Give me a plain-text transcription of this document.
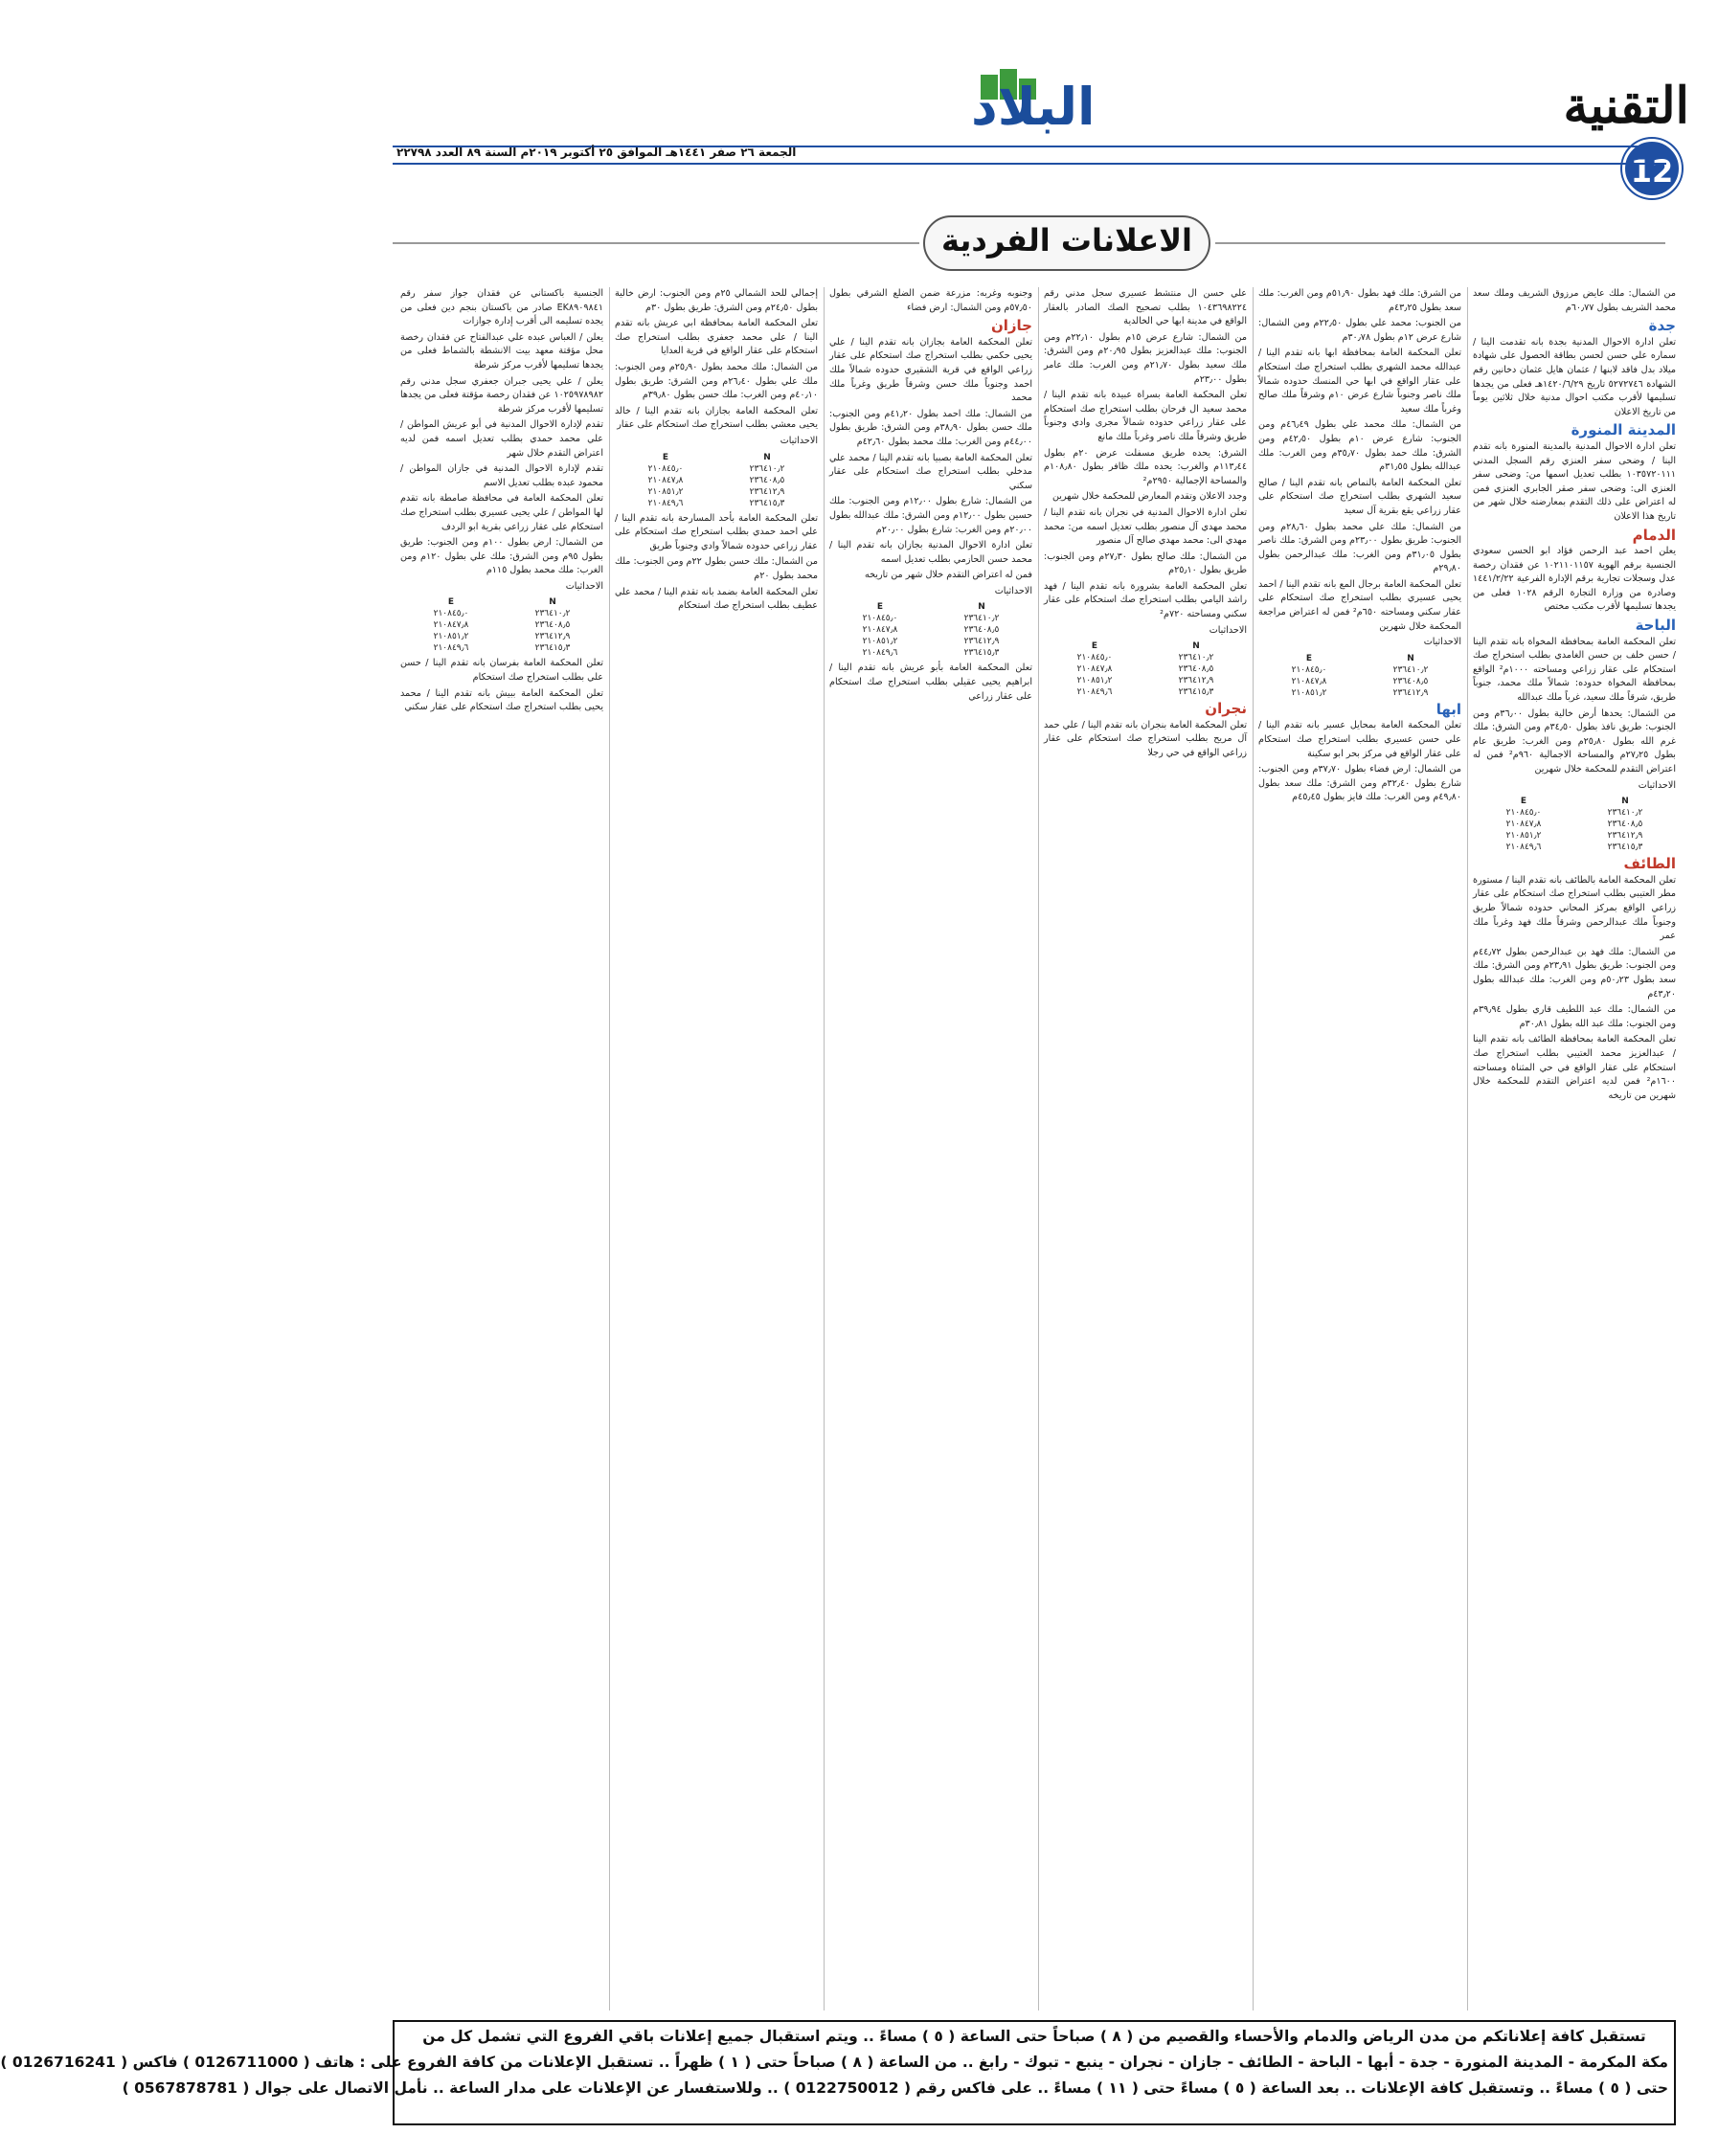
التقنية
12
البلاد
الجمعة ٢٦ صفر ١٤٤١هـ الموافق ٢٥ أكتوبر ٢٠١٩م السنة ٨٩ العدد ٢٢٧٩٨
الاعلانات الفردية

من الشمال: ملك عايض مرزوق الشريف وملك سعد محمد الشريف بطول ٦٠٫٧٧م

جدة

تعلن ادارة الاحوال المدنية بجدة بانه تقدمت الينا / سماره علي حسن لحسن بطاقة الحصول على شهادة ميلاد بدل فاقد لابنها / عثمان هايل عثمان دخانين رقم الشهادة ٥٢٧٢٧٤٦ تاريخ ١٤٢٠/٦/٢٩هـ فعلى من يجدها تسليمها لأقرب مكتب احوال مدنية خلال ثلاثين يوماً من تاريخ الاعلان

المدينة المنورة

تعلن ادارة الاحوال المدنية بالمدينة المنورة بانه تقدم الينا / وضحى سفر العنزي رقم السجل المدني ١٠٣٥٧٢٠١١١ بطلب تعديل اسمها من: وضحى سفر العنزي الى: وضحى سفر صقر الجابري العنزي فمن له اعتراض على ذلك التقدم بمعارضته خلال شهر من تاريخ هذا الاعلان

الدمام

يعلن احمد عبد الرحمن فؤاد ابو الحسن سعودي الجنسية برقم الهوية ١٠٢١١٠١١٥٧ عن فقدان رخصة عدل وسجلات تجارية برقم الإدارة الفرعية ١٤٤١/٢/٢٢ وصادرة من وزارة التجارة الرقم ١٠٢٨ فعلى من يجدها تسليمها لأقرب مكتب مختص

الباحة

تعلن المحكمة العامة بمحافظة المخواة بانه تقدم الينا / حسن خلف بن حسن الغامدي بطلب استخراج صك استحكام على عقار زراعي ومساحته ١٠٠٠م² الواقع بمحافظة المخواة حدوده: شمالاً ملك محمد، جنوباً طريق، شرقاً ملك سعيد، غرباً ملك عبدالله

من الشمال: يحدها أرض خالية بطول ٣٦٫٠٠م ومن الجنوب: طريق نافذ بطول ٣٤٫٥٠م ومن الشرق: ملك غرم الله بطول ٢٥٫٨٠م ومن الغرب: طريق عام بطول ٢٧٫٢٥م والمساحة الاجمالية ٩٦٠م² فمن له اعتراض التقدم للمحكمة خلال شهرين

الاحداثيات

E	N
٢١٠٨٤٥٫٠	٢٣٦٤١٠٫٢
٢١٠٨٤٧٫٨	٢٣٦٤٠٨٫٥
٢١٠٨٥١٫٢	٢٣٦٤١٢٫٩
٢١٠٨٤٩٫٦	٢٣٦٤١٥٫٣
الطائف

تعلن المحكمة العامة بالطائف بانه تقدم الينا / مستورة مطر العتيبي بطلب استخراج صك استحكام على عقار زراعي الواقع بمركز المحاني حدوده شمالاً طريق وجنوباً ملك عبدالرحمن وشرقاً ملك فهد وغرباً ملك عمر

من الشمال: ملك فهد بن عبدالرحمن بطول ٤٤٫٧٢م ومن الجنوب: طريق بطول ٢٣٫٩١م ومن الشرق: ملك سعد بطول ٥٠٫٢٣م ومن الغرب: ملك عبدالله بطول ٤٣٫٢٠م

من الشمال: ملك عبد اللطيف قاري بطول ٣٩٫٩٤م ومن الجنوب: ملك عبد الله بطول ٣٠٫٨١م

تعلن المحكمة العامة بمحافظة الطائف بانه تقدم الينا / عبدالعزيز محمد العتيبي بطلب استخراج صك استحكام على عقار الواقع في حي المثناة ومساحته ١٦٠٠م² فمن لديه اعتراض التقدم للمحكمة خلال شهرين من تاريخه

من الشرق: ملك فهد بطول ٥١٫٩٠م ومن الغرب: ملك سعد بطول ٤٣٫٢٥م

من الجنوب: محمد علي بطول ٢٢٫٥٠م ومن الشمال: شارع عرض ١٢م بطول ٣٠٫٧٨م

تعلن المحكمة العامة بمحافظة ابها بانه تقدم الينا / عبدالله محمد الشهري بطلب استخراج صك استحكام على عقار الواقع في ابها حي المنسك حدوده شمالاً ملك ناصر وجنوباً شارع عرض ١٠م وشرقاً ملك صالح وغرباً ملك سعيد

من الشمال: ملك محمد علي بطول ٤٦٫٤٩م ومن الجنوب: شارع عرض ١٠م بطول ٤٢٫٥٠م ومن الشرق: ملك حمد بطول ٣٥٫٧٠م ومن الغرب: ملك عبدالله بطول ٣١٫٥٥م

تعلن المحكمة العامة بالنماص بانه تقدم الينا / صالح سعيد الشهري بطلب استخراج صك استحكام على عقار زراعي يقع بقرية آل سعيد

من الشمال: ملك علي محمد بطول ٢٨٫٦٠م ومن الجنوب: طريق بطول ٢٣٫٠٠م ومن الشرق: ملك ناصر بطول ٣١٫٠٥م ومن الغرب: ملك عبدالرحمن بطول ٢٩٫٨٠م

تعلن المحكمة العامة برجال المع بانه تقدم الينا / احمد يحيى عسيري بطلب استخراج صك استحكام على عقار سكني ومساحته ٦٥٠م² فمن له اعتراض مراجعة المحكمة خلال شهرين

الاحداثيات

E	N
٢١٠٨٤٥٫٠	٢٣٦٤١٠٫٢
٢١٠٨٤٧٫٨	٢٣٦٤٠٨٫٥
٢١٠٨٥١٫٢	٢٣٦٤١٢٫٩
ابها

تعلن المحكمة العامة بمحايل عسير بانه تقدم الينا / علي حسن عسيري بطلب استخراج صك استحكام على عقار الواقع في مركز بحر ابو سكينة

من الشمال: ارض فضاء بطول ٣٧٫٧٠م ومن الجنوب: شارع بطول ٣٢٫٤٠م ومن الشرق: ملك سعد بطول ٤٩٫٨٠م ومن الغرب: ملك فايز بطول ٤٥٫٤٥م

علي حسن ال منتشط عسيري سجل مدني رقم ١٠٤٣٦٩٨٢٢٤ بطلب تصحيح الصك الصادر بالعقار الواقع في مدينة ابها حي الخالدية

من الشمال: شارع عرض ١٥م بطول ٢٢٫١٠م ومن الجنوب: ملك عبدالعزيز بطول ٢٠٫٩٥م ومن الشرق: ملك سعيد بطول ٢١٫٧٠م ومن الغرب: ملك عامر بطول ٢٣٫٠٠م

تعلن المحكمة العامة بسراة عبيدة بانه تقدم الينا / محمد سعيد ال فرحان بطلب استخراج صك استحكام على عقار زراعي حدوده شمالاً مجرى وادي وجنوباً طريق وشرقاً ملك ناصر وغرباً ملك مانع

الشرق: يحده طريق مسفلت عرض ٢٠م بطول ١١٣٫٤٤م والغرب: يحده ملك ظافر بطول ١٠٨٫٨٠م والمساحة الإجمالية ٢٩٥٠م²

وجدد الاعلان وتقدم المعارض للمحكمة خلال شهرين

تعلن ادارة الاحوال المدنية في نجران بانه تقدم الينا / محمد مهدي آل منصور بطلب تعديل اسمه من: محمد مهدي الى: محمد مهدي صالح آل منصور

من الشمال: ملك صالح بطول ٢٧٫٣٠م ومن الجنوب: طريق بطول ٢٥٫١٠م

تعلن المحكمة العامة بشرورة بانه تقدم الينا / فهد راشد اليامي بطلب استخراج صك استحكام على عقار سكني ومساحته ٧٢٠م²

الاحداثيات

E	N
٢١٠٨٤٥٫٠	٢٣٦٤١٠٫٢
٢١٠٨٤٧٫٨	٢٣٦٤٠٨٫٥
٢١٠٨٥١٫٢	٢٣٦٤١٢٫٩
٢١٠٨٤٩٫٦	٢٣٦٤١٥٫٣
نجران

تعلن المحكمة العامة بنجران بانه تقدم الينا / علي حمد آل مريح بطلب استخراج صك استحكام على عقار زراعي الواقع في حي رجلا

وجنوبه وغربه: مزرعة ضمن الضلع الشرقي بطول ٥٧٫٥٠م ومن الشمال: ارض فضاء

جازان

تعلن المحكمة العامة بجازان بانه تقدم الينا / علي يحيى حكمي بطلب استخراج صك استحكام على عقار زراعي الواقع في قرية الشقيري حدوده شمالاً ملك احمد وجنوباً ملك حسن وشرقاً طريق وغرباً ملك محمد

من الشمال: ملك احمد بطول ٤١٫٢٠م ومن الجنوب: ملك حسن بطول ٣٨٫٩٠م ومن الشرق: طريق بطول ٤٤٫٠٠م ومن الغرب: ملك محمد بطول ٤٢٫٦٠م

تعلن المحكمة العامة بصبيا بانه تقدم الينا / محمد علي مدخلي بطلب استخراج صك استحكام على عقار سكني

من الشمال: شارع بطول ١٢٫٠٠م ومن الجنوب: ملك حسين بطول ١٢٫٠٠م ومن الشرق: ملك عبدالله بطول ٢٠٫٠٠م ومن الغرب: شارع بطول ٢٠٫٠٠م

تعلن ادارة الاحوال المدنية بجازان بانه تقدم الينا / محمد حسن الحازمي بطلب تعديل اسمه

فمن له اعتراض التقدم خلال شهر من تاريخه

الاحداثيات

E	N
٢١٠٨٤٥٫٠	٢٣٦٤١٠٫٢
٢١٠٨٤٧٫٨	٢٣٦٤٠٨٫٥
٢١٠٨٥١٫٢	٢٣٦٤١٢٫٩
٢١٠٨٤٩٫٦	٢٣٦٤١٥٫٣

تعلن المحكمة العامة بأبو عريش بانه تقدم الينا / ابراهيم يحيى عقيلي بطلب استخراج صك استحكام على عقار زراعي

إجمالي للحد الشمالي ٢٥م ومن الجنوب: ارض خالية بطول ٢٤٫٥٠م ومن الشرق: طريق بطول ٣٠م

تعلن المحكمة العامة بمحافظة ابي عريش بانه تقدم الينا / علي محمد جعفري بطلب استخراج صك استحكام على عقار الواقع في قرية العدايا

من الشمال: ملك محمد بطول ٢٥٫٩٠م ومن الجنوب: ملك علي بطول ٢٦٫٤٠م ومن الشرق: طريق بطول ٤٠٫١٠م ومن الغرب: ملك حسن بطول ٣٩٫٨٠م

تعلن المحكمة العامة بجازان بانه تقدم الينا / خالد يحيى معشي بطلب استخراج صك استحكام على عقار

الاحداثيات

E	N
٢١٠٨٤٥٫٠	٢٣٦٤١٠٫٢
٢١٠٨٤٧٫٨	٢٣٦٤٠٨٫٥
٢١٠٨٥١٫٢	٢٣٦٤١٢٫٩
٢١٠٨٤٩٫٦	٢٣٦٤١٥٫٣

تعلن المحكمة العامة بأحد المسارحة بانه تقدم الينا / علي احمد حمدي بطلب استخراج صك استحكام على عقار زراعي حدوده شمالاً وادي وجنوباً طريق

من الشمال: ملك حسن بطول ٢٢م ومن الجنوب: ملك محمد بطول ٢٠م

تعلن المحكمة العامة بضمد بانه تقدم الينا / محمد علي عطيف بطلب استخراج صك استحكام

الجنسية باكستاني عن فقدان جواز سفر رقم EK٨٩٠٩٨٤١ صادر من باكستان بنجم دين فعلى من يجده تسليمه الى أقرب إدارة جوازات

يعلن / العباس عبده علي عبدالفتاح عن فقدان رخصة محل مؤقتة معهد بيت الانشطة بالشماط فعلى من يجدها تسليمها لأقرب مركز شرطة

يعلن / علي يحيى جبران جعفري سجل مدني رقم ١٠٢٥٩٧٨٩٨٢ عن فقدان رخصة مؤقتة فعلى من يجدها تسليمها لأقرب مركز شرطة

تقدم لإدارة الاحوال المدنية في أبو عريش المواطن / علي محمد حمدي بطلب تعديل اسمه فمن لديه اعتراض التقدم خلال شهر

تقدم لإدارة الاحوال المدنية في جازان المواطن / محمود عبده بطلب تعديل الاسم

تعلن المحكمة العامة في محافظة صامطة بانه تقدم لها المواطن / علي يحيى عسيري بطلب استخراج صك استحكام على عقار زراعي بقرية ابو الردف

من الشمال: ارض بطول ١٠٠م ومن الجنوب: طريق بطول ٩٥م ومن الشرق: ملك علي بطول ١٢٠م ومن الغرب: ملك محمد بطول ١١٥م

الاحداثيات

E	N
٢١٠٨٤٥٫٠	٢٣٦٤١٠٫٢
٢١٠٨٤٧٫٨	٢٣٦٤٠٨٫٥
٢١٠٨٥١٫٢	٢٣٦٤١٢٫٩
٢١٠٨٤٩٫٦	٢٣٦٤١٥٫٣

تعلن المحكمة العامة بفرسان بانه تقدم الينا / حسن علي بطلب استخراج صك استحكام

تعلن المحكمة العامة ببيش بانه تقدم الينا / محمد يحيى بطلب استخراج صك استحكام على عقار سكني

تستقبل كافة إعلاناتكم من مدن الرياض والدمام والأحساء والقصيم من ( ٨ ) صباحاً حتى الساعة ( ٥ ) مساءً .. ويتم استقبال جميع إعلانات باقي الفروع التي تشمل كل من
مكة المكرمة - المدينة المنورة - جدة - أبها - الباحة - الطائف - جازان - نجران - ينبع - تبوك - رابغ .. من الساعة ( ٨ ) صباحاً حتى ( ١ ) ظهراً .. تستقبل الإعلانات من كافة الفروع على : هاتف ( 0126711000 ) فاكس ( 0126716241 )
حتى ( ٥ ) مساءً .. وتستقبل كافة الإعلانات .. بعد الساعة ( ٥ ) مساءً حتى ( ١١ ) مساءً .. على فاكس رقم ( 0122750012 ) .. وللاستفسار عن الإعلانات على مدار الساعة .. نأمل الاتصال على جوال ( 0567878781 )
